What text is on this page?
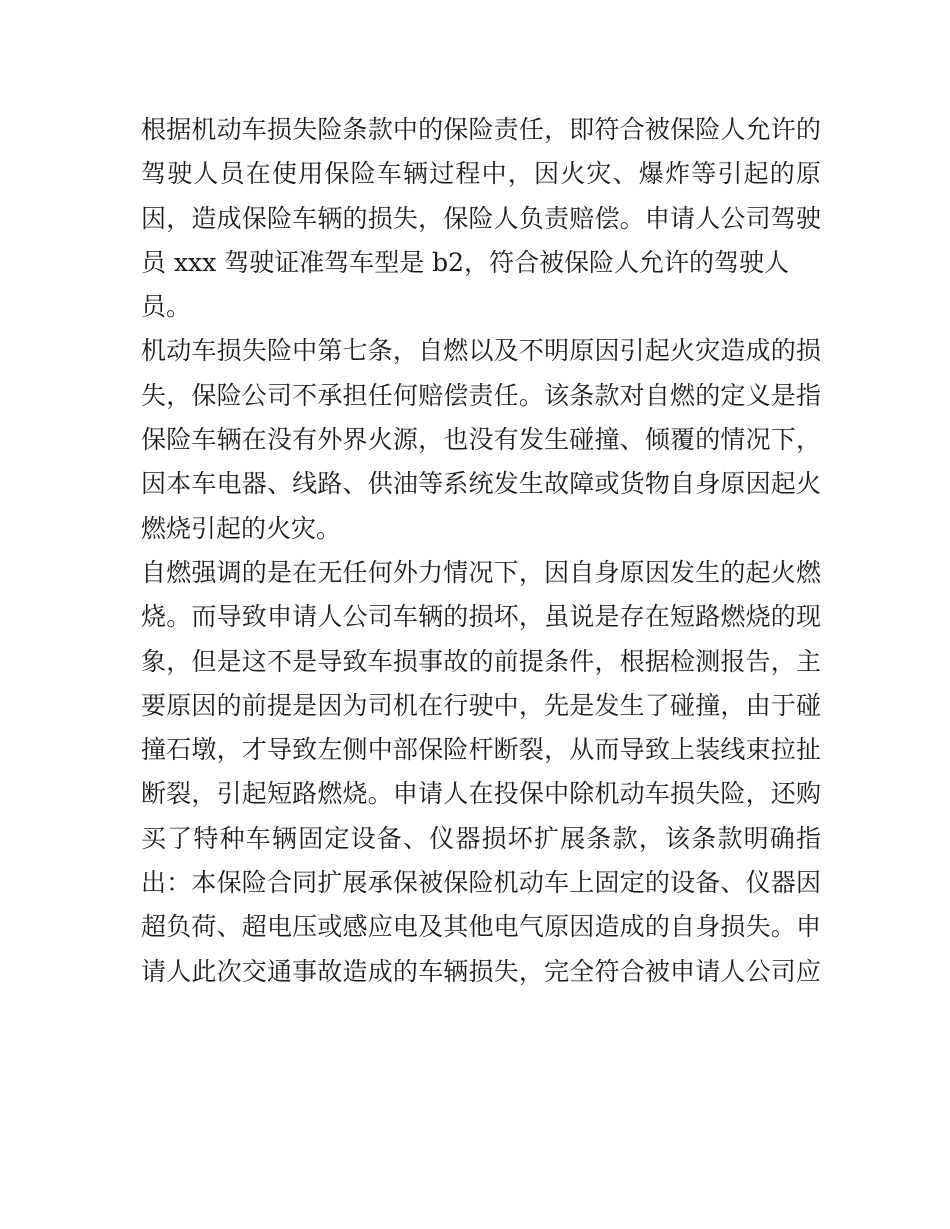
根据机动车损失险条款中的保险责任，即符合被保险人允许的
驾驶人员在使用保险车辆过程中，因火灾、爆炸等引起的原
因，造成保险车辆的损失，保险人负责赔偿。申请人公司驾驶
员 xxx 驾驶证准驾车型是 b2，符合被保险人允许的驾驶人
员。
机动车损失险中第七条，自燃以及不明原因引起火灾造成的损
失，保险公司不承担任何赔偿责任。该条款对自燃的定义是指
保险车辆在没有外界火源，也没有发生碰撞、倾覆的情况下，
因本车电器、线路、供油等系统发生故障或货物自身原因起火
燃烧引起的火灾。
自燃强调的是在无任何外力情况下，因自身原因发生的起火燃
烧。而导致申请人公司车辆的损坏，虽说是存在短路燃烧的现
象，但是这不是导致车损事故的前提条件，根据检测报告，主
要原因的前提是因为司机在行驶中，先是发生了碰撞，由于碰
撞石墩，才导致左侧中部保险杆断裂，从而导致上装线束拉扯
断裂，引起短路燃烧。申请人在投保中除机动车损失险，还购
买了特种车辆固定设备、仪器损坏扩展条款，该条款明确指
出：本保险合同扩展承保被保险机动车上固定的设备、仪器因
超负荷、超电压或感应电及其他电气原因造成的自身损失。申
请人此次交通事故造成的车辆损失，完全符合被申请人公司应
